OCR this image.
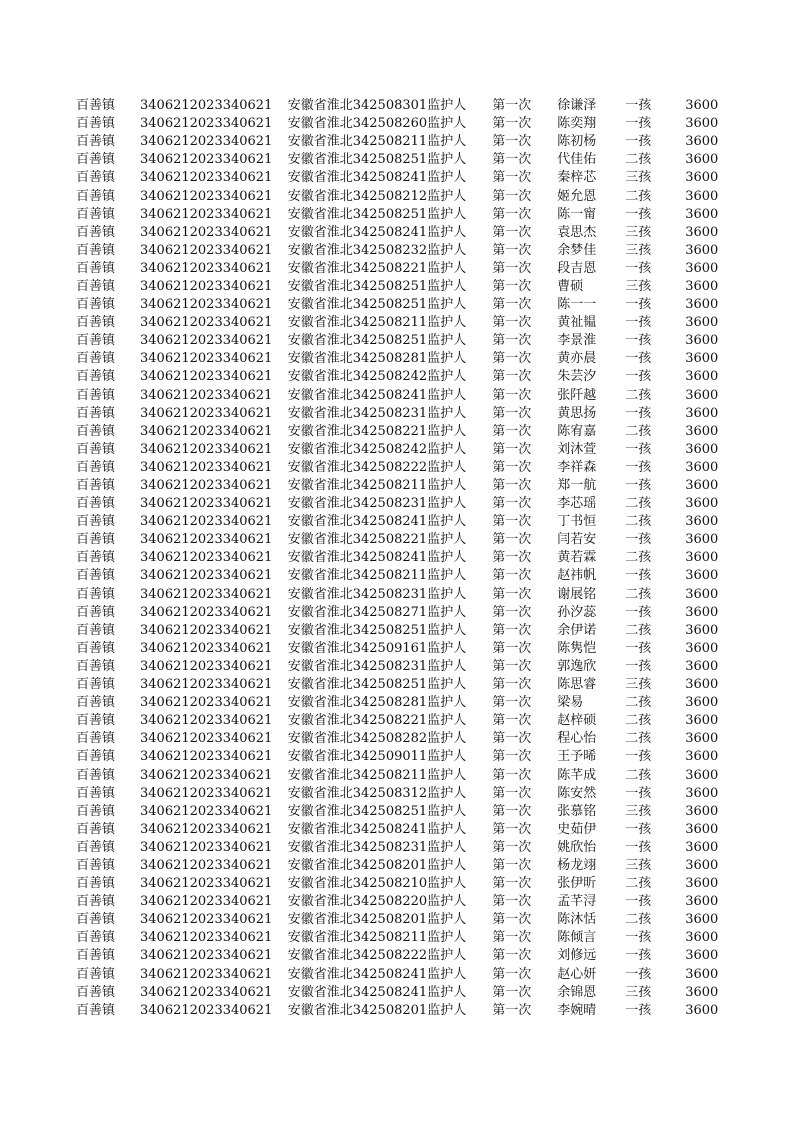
百善镇	3406212023	340621	安徽省淮北	342508301	监护人	第一次	徐谦泽	一孩	3600
百善镇	3406212023	340621	安徽省淮北	342508260	监护人	第一次	陈奕翔	一孩	3600
百善镇	3406212023	340621	安徽省淮北	342508211	监护人	第一次	陈初杨	一孩	3600
百善镇	3406212023	340621	安徽省淮北	342508251	监护人	第一次	代佳佑	二孩	3600
百善镇	3406212023	340621	安徽省淮北	342508241	监护人	第一次	秦梓芯	三孩	3600
百善镇	3406212023	340621	安徽省淮北	342508212	监护人	第一次	姬允恩	二孩	3600
百善镇	3406212023	340621	安徽省淮北	342508251	监护人	第一次	陈一甯	一孩	3600
百善镇	3406212023	340621	安徽省淮北	342508241	监护人	第一次	袁思杰	三孩	3600
百善镇	3406212023	340621	安徽省淮北	342508232	监护人	第一次	余梦佳	三孩	3600
百善镇	3406212023	340621	安徽省淮北	342508221	监护人	第一次	段吉恩	一孩	3600
百善镇	3406212023	340621	安徽省淮北	342508251	监护人	第一次	曹硕	三孩	3600
百善镇	3406212023	340621	安徽省淮北	342508251	监护人	第一次	陈一一	一孩	3600
百善镇	3406212023	340621	安徽省淮北	342508211	监护人	第一次	黄祉韫	一孩	3600
百善镇	3406212023	340621	安徽省淮北	342508251	监护人	第一次	李景淮	一孩	3600
百善镇	3406212023	340621	安徽省淮北	342508281	监护人	第一次	黄亦晨	一孩	3600
百善镇	3406212023	340621	安徽省淮北	342508242	监护人	第一次	朱芸汐	一孩	3600
百善镇	3406212023	340621	安徽省淮北	342508241	监护人	第一次	张阡越	二孩	3600
百善镇	3406212023	340621	安徽省淮北	342508231	监护人	第一次	黄思扬	一孩	3600
百善镇	3406212023	340621	安徽省淮北	342508221	监护人	第一次	陈宥嘉	二孩	3600
百善镇	3406212023	340621	安徽省淮北	342508242	监护人	第一次	刘沐萱	一孩	3600
百善镇	3406212023	340621	安徽省淮北	342508222	监护人	第一次	李祥森	一孩	3600
百善镇	3406212023	340621	安徽省淮北	342508211	监护人	第一次	郑一航	一孩	3600
百善镇	3406212023	340621	安徽省淮北	342508231	监护人	第一次	李芯瑶	二孩	3600
百善镇	3406212023	340621	安徽省淮北	342508241	监护人	第一次	丁书恒	二孩	3600
百善镇	3406212023	340621	安徽省淮北	342508221	监护人	第一次	闫若安	一孩	3600
百善镇	3406212023	340621	安徽省淮北	342508241	监护人	第一次	黄若霖	二孩	3600
百善镇	3406212023	340621	安徽省淮北	342508211	监护人	第一次	赵祎帆	一孩	3600
百善镇	3406212023	340621	安徽省淮北	342508231	监护人	第一次	谢展铭	二孩	3600
百善镇	3406212023	340621	安徽省淮北	342508271	监护人	第一次	孙汐蕊	一孩	3600
百善镇	3406212023	340621	安徽省淮北	342508251	监护人	第一次	余伊诺	二孩	3600
百善镇	3406212023	340621	安徽省淮北	342509161	监护人	第一次	陈隽恺	一孩	3600
百善镇	3406212023	340621	安徽省淮北	342508231	监护人	第一次	郭逸欣	一孩	3600
百善镇	3406212023	340621	安徽省淮北	342508251	监护人	第一次	陈思睿	三孩	3600
百善镇	3406212023	340621	安徽省淮北	342508281	监护人	第一次	梁易	二孩	3600
百善镇	3406212023	340621	安徽省淮北	342508221	监护人	第一次	赵梓硕	二孩	3600
百善镇	3406212023	340621	安徽省淮北	342508282	监护人	第一次	程心怡	二孩	3600
百善镇	3406212023	340621	安徽省淮北	342509011	监护人	第一次	王予晞	一孩	3600
百善镇	3406212023	340621	安徽省淮北	342508211	监护人	第一次	陈芊成	二孩	3600
百善镇	3406212023	340621	安徽省淮北	342508312	监护人	第一次	陈安然	一孩	3600
百善镇	3406212023	340621	安徽省淮北	342508251	监护人	第一次	张慕铭	三孩	3600
百善镇	3406212023	340621	安徽省淮北	342508241	监护人	第一次	史茹伊	一孩	3600
百善镇	3406212023	340621	安徽省淮北	342508231	监护人	第一次	姚欣怡	一孩	3600
百善镇	3406212023	340621	安徽省淮北	342508201	监护人	第一次	杨龙翊	三孩	3600
百善镇	3406212023	340621	安徽省淮北	342508210	监护人	第一次	张伊昕	二孩	3600
百善镇	3406212023	340621	安徽省淮北	342508220	监护人	第一次	孟芊浔	一孩	3600
百善镇	3406212023	340621	安徽省淮北	342508201	监护人	第一次	陈沐恬	二孩	3600
百善镇	3406212023	340621	安徽省淮北	342508211	监护人	第一次	陈倾言	一孩	3600
百善镇	3406212023	340621	安徽省淮北	342508222	监护人	第一次	刘修远	一孩	3600
百善镇	3406212023	340621	安徽省淮北	342508241	监护人	第一次	赵心妍	一孩	3600
百善镇	3406212023	340621	安徽省淮北	342508241	监护人	第一次	余锦恩	三孩	3600
百善镇	3406212023	340621	安徽省淮北	342508201	监护人	第一次	李婉晴	一孩	3600
